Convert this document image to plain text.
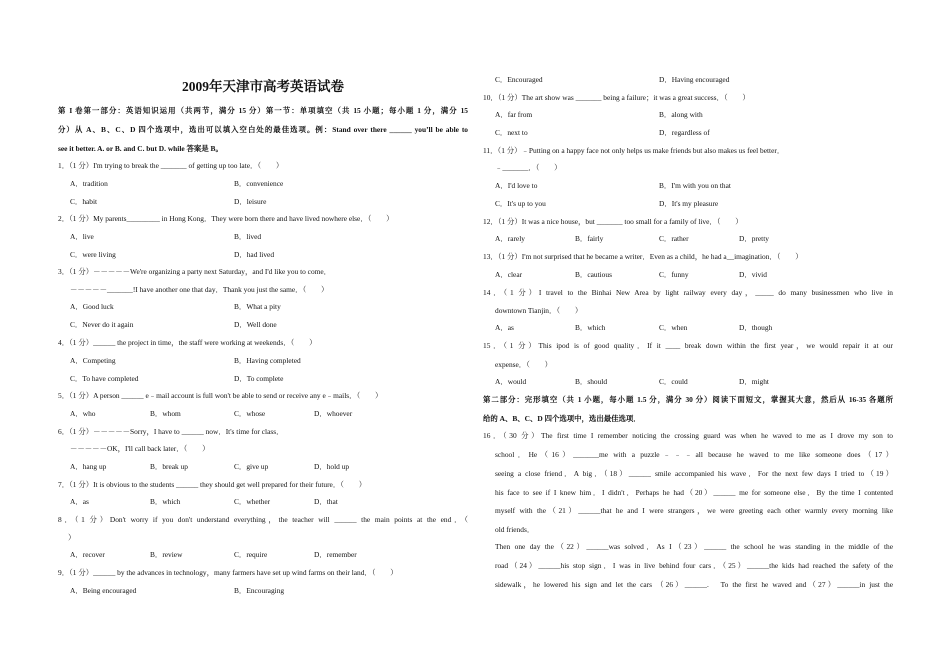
2009年天津市高考英语试卷
第 I 卷第一部分：英语知识运用（共两节，满分 15 分）第一节：单项填空（共 15 小题；每小题 1 分，满分 15
分）从 A、B、C、D 四个选项中，选出可以填入空白处的最佳选项。例：Stand over there ______ you’ll be able to
see it better. A. or B. and C. but D. while 答案是 B。
1．（1 分）I'm trying to break the _______ of getting up too late．（　　）
A．tradition	B．convenience
C．habit	D．leisure
2．（1 分）My parents_________ in Hong Kong．They were born there and have lived nowhere else．（　　）
A．live	B．lived
C．were living	D．had lived
3．（1 分）－－－－－We're organizing a party next Saturday，and I'd like you to come．
－－－－－_______!I have another one that day．Thank you just the same．（　　）
A．Good luck	B．What a pity
C．Never do it again	D．Well done
4．（1 分）______ the project in time，the staff were working at weekends．（　　）
A．Competing	B．Having completed
C．To have completed	D．To complete
5．（1 分）A person ______ e﹣mail account is full won't be able to send or receive any e﹣mails．（　　）
A．who	B．whom	C．whose	D．whoever
6．（1 分）－－－－－Sorry，I have to ______ now．It's time for class．
－－－－－OK，I'll call back later．（　　）
A．hang up	B．break up	C．give up	D．hold up
7．（1 分）It is obvious to the students ______ they should get well prepared for their future．（　　）
A．as	B．which	C．whether	D．that
8．（1 分）Don't worry if you don't understand everything，the teacher will ______ the main points at the end．（
）
A．recover	B．review	C．require	D．remember
9．（1 分）______ by the advances in technology，many farmers have set up wind farms on their land．（　　）
A．Being encouraged	B．Encouraging
C．Encouraged	D．Having encouraged
10．（1 分）The art show was _______ being a failure；it was a great success．（　　）
A．far from	B．along with
C．next to	D．regardless of
11．（1 分）﹣Putting on a happy face not only helps us make friends but also makes us feel better．
﹣_______．（　　）
A．I'd love to	B．I'm with you on that
C．It's up to you	D．It's my pleasure
12．（1 分）It was a nice house，but _______ too small for a family of live．（　　）
A．rarely	B．fairly	C．rather	D．pretty
13．（1 分）I'm not surprised that he became a writer．Even as a child，he had a__imagination．（　　）
A．clear	B．cautious	C．funny	D．vivid
14．（1 分）I travel to the Binhai New Area by light railway every day，_____ do many businessmen who live in
downtown Tianjin．（　　）
A．as	B．which	C．when	D．though
15．（1 分）This ipod is of good quality．If it ____ break down within the first year，we would repair it at our
expense．（　　）
A．would	B．should	C．could	D．might
第二部分：完形填空（共 1 小题，每小题 1.5 分，满分 30 分）阅读下面短文，掌握其大意，然后从 16-35 各题所
给的 A、B、C、D 四个选项中，选出最佳选项．
16．（30 分）The first time I remember noticing the crossing guard was when he waved to me as I drove my son to
school．He（16）_______me with a puzzle﹣﹣﹣all because he waved to me like someone does（17）
seeing a close friend．A big．（18）______ smile accompanied his wave．For the next few days I tried to（19）
his face to see if I knew him．I didn't．Perhaps he had（20）______ me for someone else．By the time I contented
myself with the（21）______that he and I were strangers，we were greeting each other warmly every morning like
old friends．
Then one day the（22）______was solved．As I（23）______ the school he was standing in the middle of the
road（24）______his stop sign．I was in live behind four cars．（25）______the kids had reached the safety of the
sidewalk，he lowered his sign and let the cars （26）______.　To the first he waved and（27）______in just the
